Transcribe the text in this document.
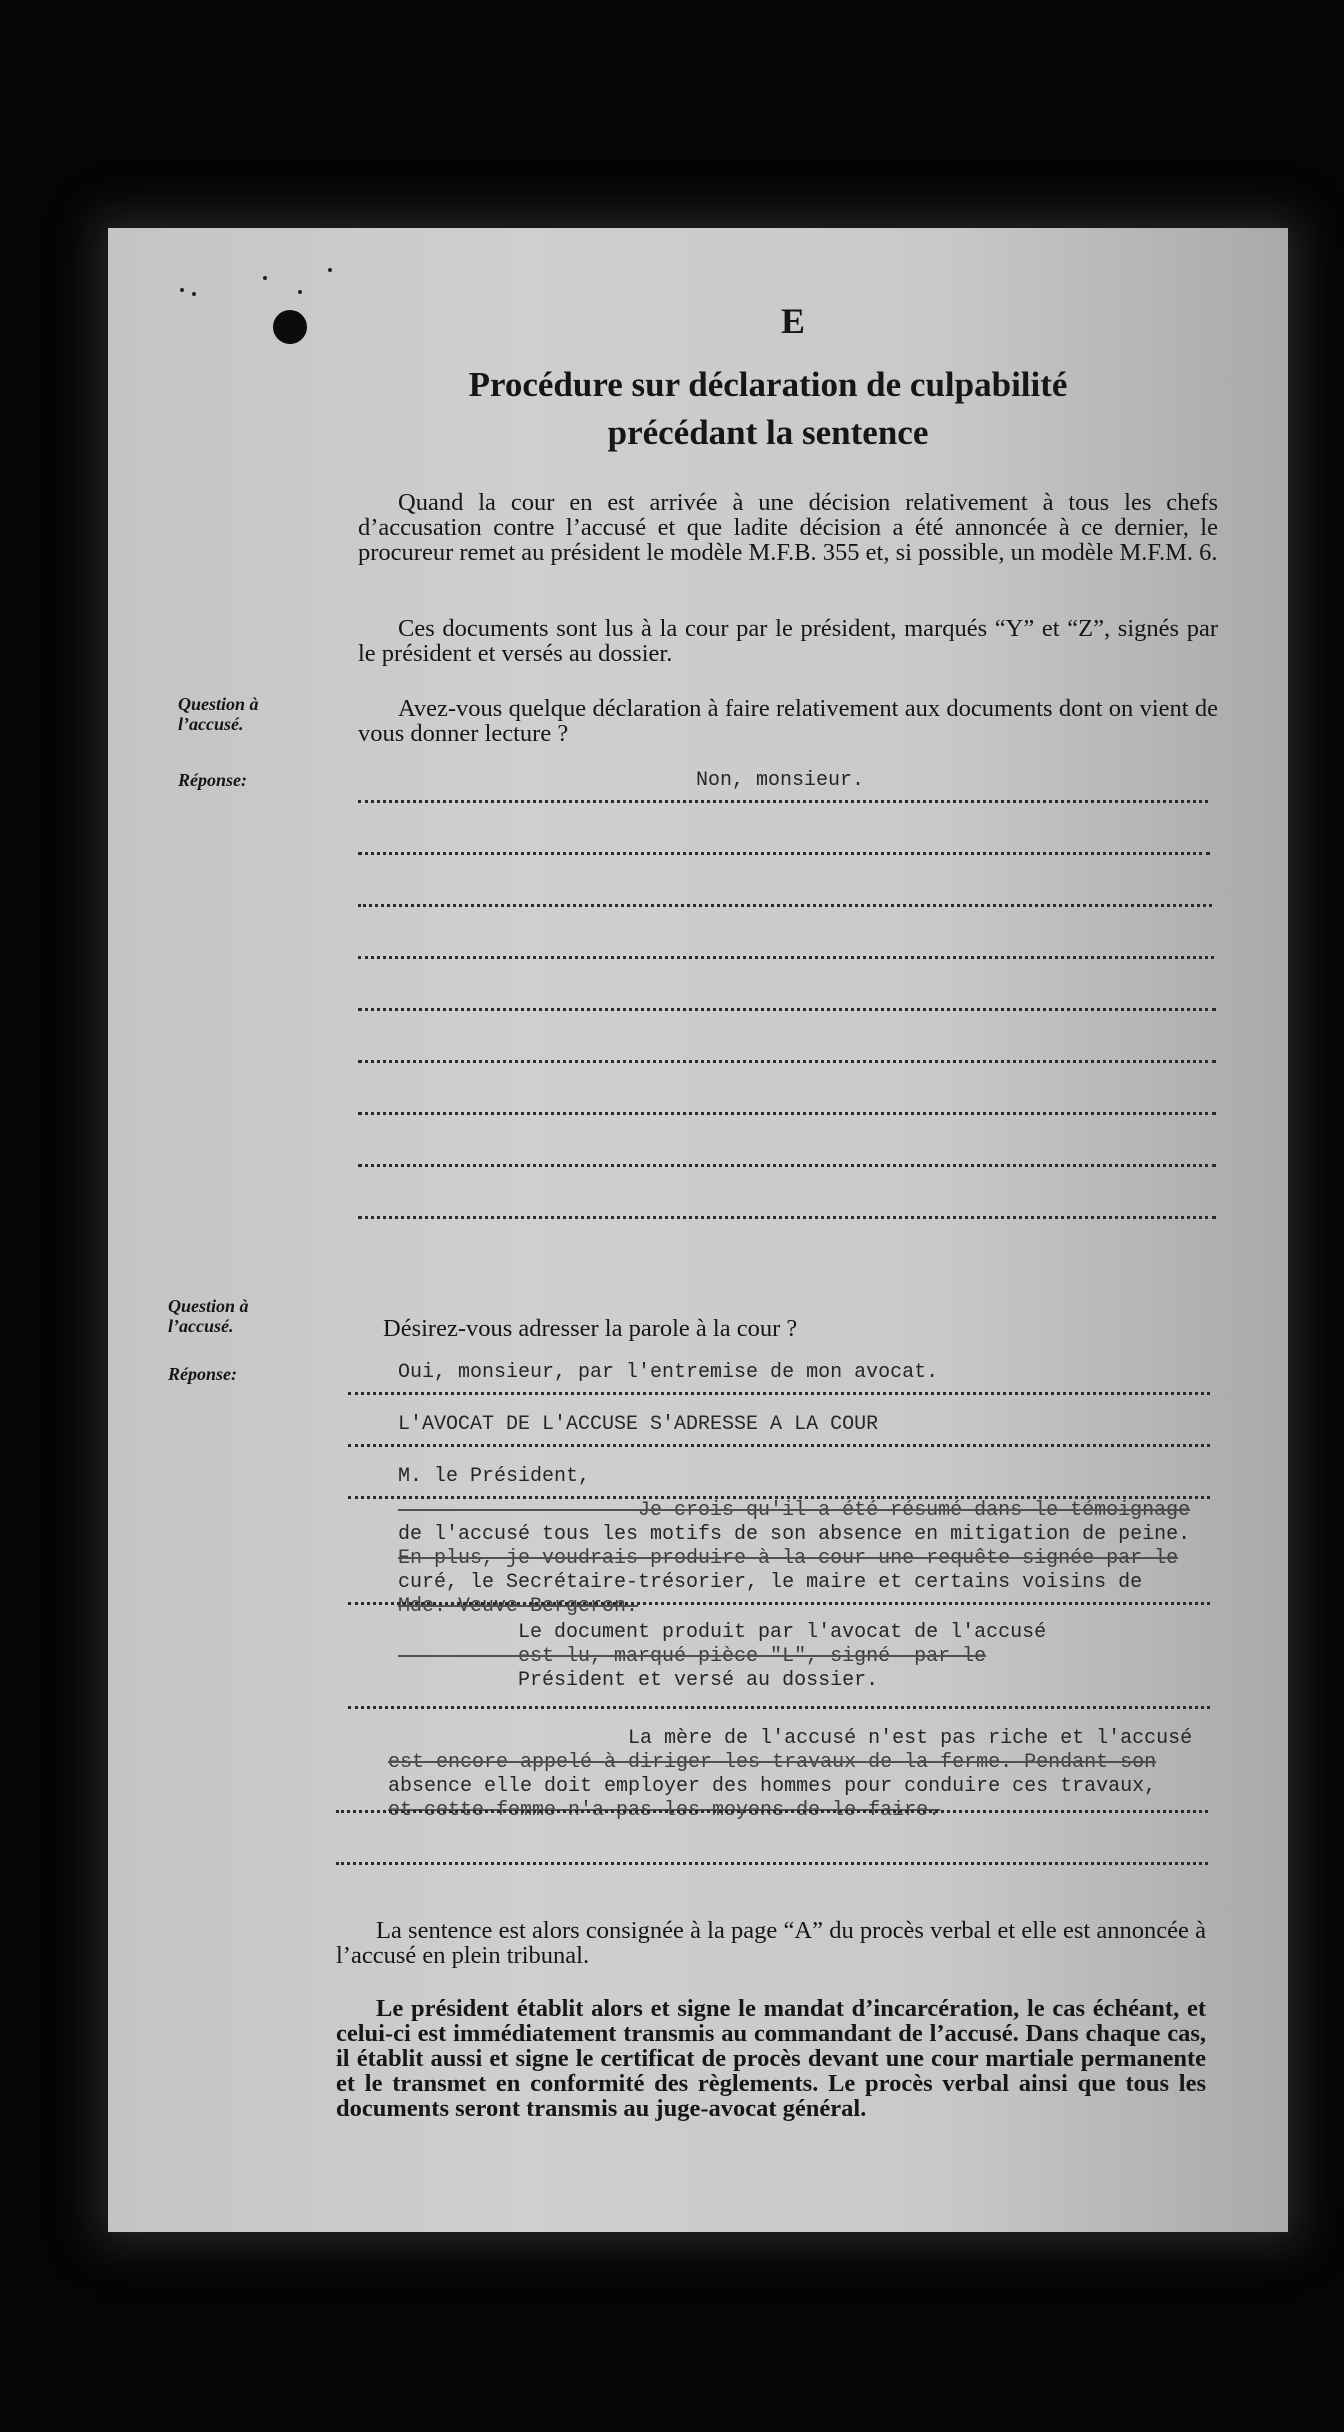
E
Procédure sur déclaration de culpabilité
précédant la sentence

Quand la cour en est arrivée à une décision relativement à tous les chefs d’accusation contre l’accusé et que ladite décision a été annoncée à ce dernier, le procureur remet au président le modèle M.F.B. 355 et, si possible, un modèle M.F.M. 6.

Ces documents sont lus à la cour par le président, marqués “Y” et “Z”, signés par le président et versés au dossier.

Question à l’accusé.

Avez-vous quelque déclaration à faire relativement aux documents dont on vient de vous donner lecture ?

Réponse:	Non, monsieur.
Question à l’accusé.	Désirez-vous adresser la parole à la cour ?
Réponse:	Oui, monsieur, par l'entremise de mon avocat.
L'AVOCAT DE L'ACCUSE S'ADRESSE A LA COUR
M. le Président,
Je crois qu'il a été résumé dans le témoignage
de l'accusé tous les motifs de son absence en mitigation de peine.
En plus, je voudrais produire à la cour une requête signée par le
curé, le Secrétaire-trésorier, le maire et certains voisins de
Mde. Veuve Bergeron.
Le document produit par l'avocat de l'accusé
est lu, marqué pièce "L", signé  par le
Président et versé au dossier.
La mère de l'accusé n'est pas riche et l'accusé
est encore appelé à diriger les travaux de la ferme. Pendant son
absence elle doit employer des hommes pour conduire ces travaux,
et cette femme n'a pas les moyens de le faire.

La sentence est alors consignée à la page “A” du procès verbal et elle est annoncée à l’accusé en plein tribunal.

Le président établit alors et signe le mandat d’incarcération, le cas échéant, et celui-ci est immédiatement transmis au commandant de l’accusé. Dans chaque cas, il établit aussi et signe le certificat de procès devant une cour martiale permanente et le transmet en conformité des règlements. Le procès verbal ainsi que tous les documents seront transmis au juge-avocat général.
